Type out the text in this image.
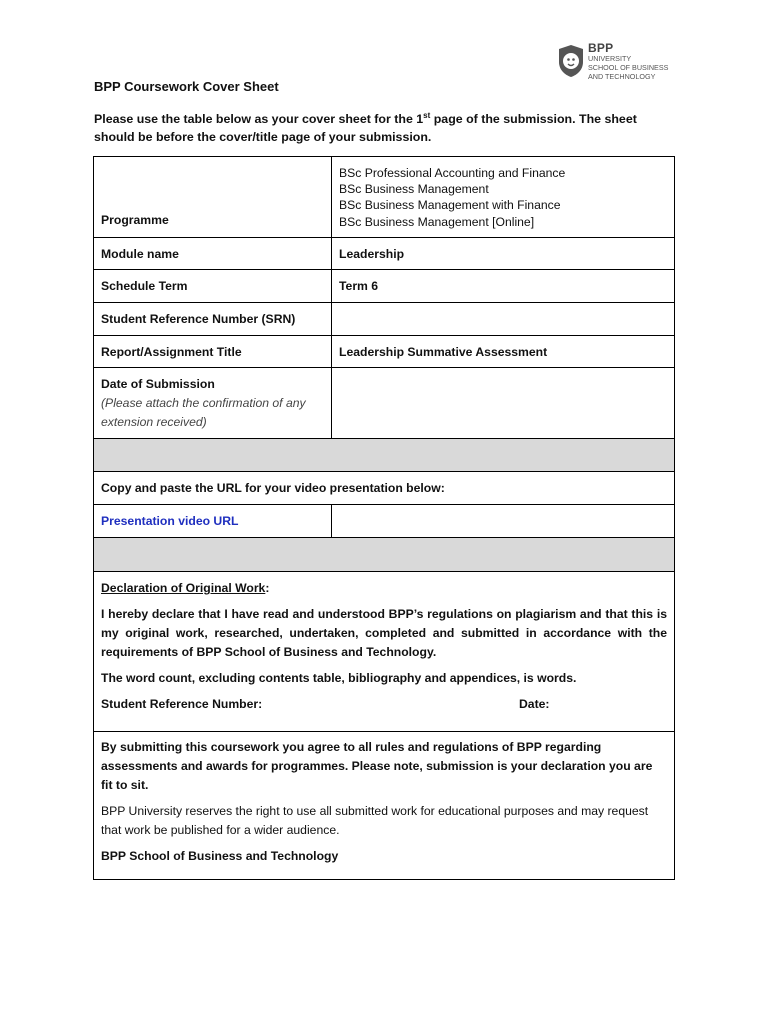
BPP
UNIVERSITY
SCHOOL OF BUSINESS
AND TECHNOLOGY
BPP Coursework Cover Sheet
Please use the table below as your cover sheet for the 1st page of the submission. The sheet should be before the cover/title page of your submission.
Programme	BSc Professional Accounting and Finance
BSc Business Management
BSc Business Management with Finance
BSc Business Management [Online]

Module name	Leadership
Schedule Term	Term 6
Student Reference Number (SRN)	
Report/Assignment Title	Leadership Summative Assessment

Date of Submission
(Please attach the confirmation of any extension received)	

Copy and paste the URL for your video presentation below:	
Presentation video URL	

Declaration of Original Work:

I hereby declare that I have read and understood BPP’s regulations on plagiarism and that this is my original work, researched, undertaken, completed and submitted in accordance with the requirements of BPP School of Business and Technology.

The word count, excluding contents table, bibliography and appendices, is words.

Student Reference Number: Date:	

By submitting this coursework you agree to all rules and regulations of BPP regarding assessments and awards for programmes. Please note, submission is your declaration you are fit to sit.

BPP University reserves the right to use all submitted work for educational purposes and may request that work be published for a wider audience.

BPP School of Business and Technology	
